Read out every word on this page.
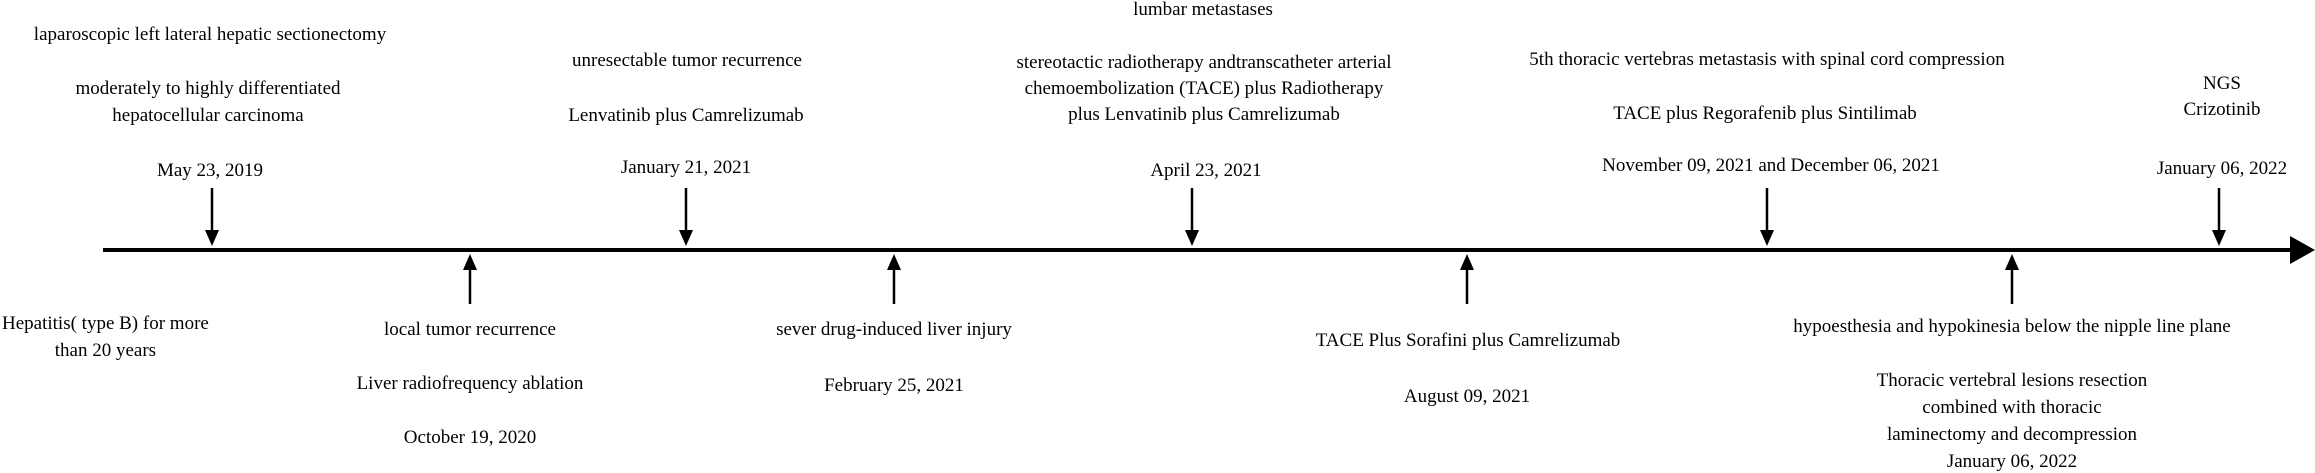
laparoscopic left lateral hepatic sectionectomy
moderately to highly differentiated
hepatocellular carcinoma
May 23, 2019
unresectable tumor recurrence
Lenvatinib plus Camrelizumab
January 21, 2021
lumbar metastases
stereotactic radiotherapy andtranscatheter arterial
chemoembolization (TACE) plus Radiotherapy
plus Lenvatinib plus Camrelizumab
April 23, 2021
5th thoracic vertebras metastasis with spinal cord compression
TACE plus Regorafenib plus Sintilimab
November 09, 2021 and December 06, 2021
NGS
Crizotinib
January 06, 2022
Hepatitis( type B) for more
than 20 years
local tumor recurrence
Liver radiofrequency ablation
October 19, 2020
sever drug-induced liver injury
February 25, 2021
TACE Plus Sorafini plus Camrelizumab
August 09, 2021
hypoesthesia and hypokinesia below the nipple line plane
Thoracic vertebral lesions resection combined with thoracic
laminectomy and decompression
January 06, 2022
